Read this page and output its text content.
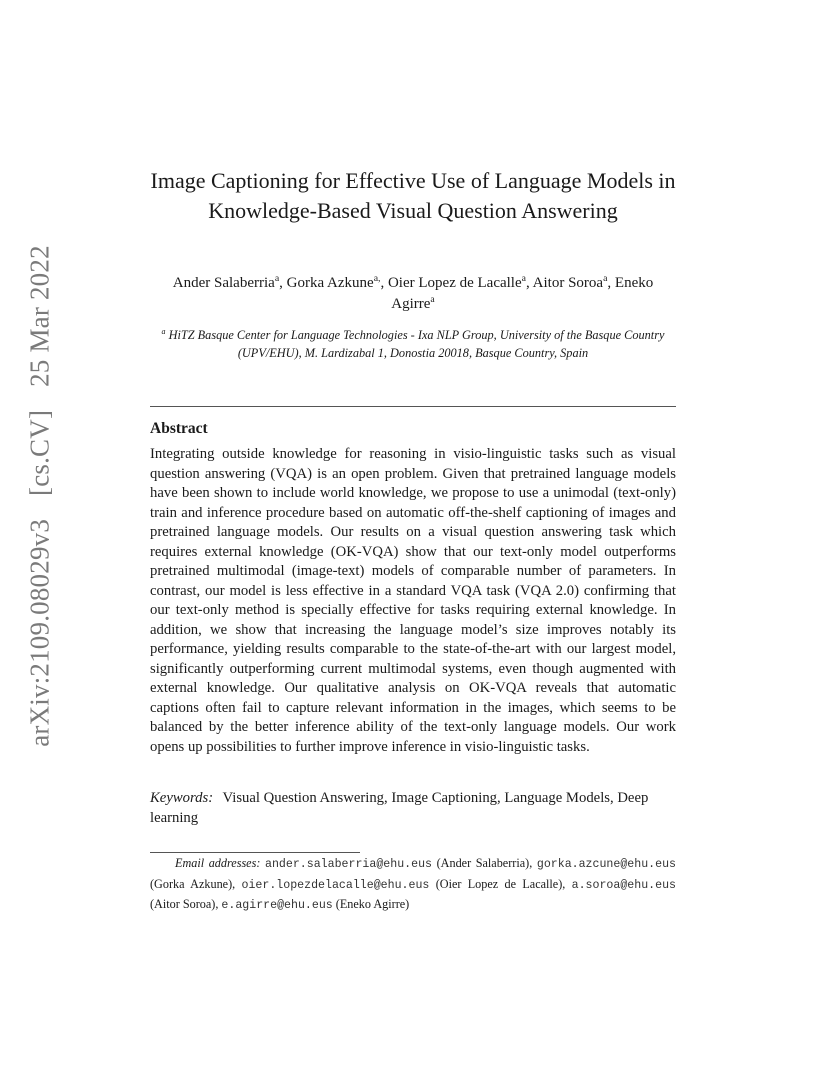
arXiv:2109.08029v3 [cs.CV] 25 Mar 2022
Image Captioning for Effective Use of Language Models in Knowledge-Based Visual Question Answering
Ander Salaberria$^a$, Gorka Azkune$^{a,}$, Oier Lopez de Lacalle$^a$, Aitor Soroa$^a$, Eneko Agirre$^a$
$^a$ HiTZ Basque Center for Language Technologies - Ixa NLP Group, University of the Basque Country (UPV/EHU), M. Lardizabal 1, Donostia 20018, Basque Country, Spain
Abstract
Integrating outside knowledge for reasoning in visio-linguistic tasks such as visual question answering (VQA) is an open problem. Given that pretrained language models have been shown to include world knowledge, we propose to use a unimodal (text-only) train and inference procedure based on automatic off-the-shelf captioning of images and pretrained language models. Our results on a visual question answering task which requires external knowledge (OK-VQA) show that our text-only model outperforms pretrained multimodal (image-text) models of comparable number of parameters. In contrast, our model is less effective in a standard VQA task (VQA 2.0) confirming that our text-only method is specially effective for tasks requiring external knowledge. In addition, we show that increasing the language model’s size improves notably its performance, yielding results comparable to the state-of-the-art with our largest model, significantly outperforming current multimodal systems, even though augmented with external knowledge. Our qualitative analysis on OK-VQA reveals that automatic captions often fail to capture relevant information in the images, which seems to be balanced by the better inference ability of the text-only language models. Our work opens up possibilities to further improve inference in visio-linguistic tasks.
Keywords: Visual Question Answering, Image Captioning, Language Models, Deep learning
Email addresses: ander.salaberria@ehu.eus (Ander Salaberria), gorka.azcune@ehu.eus (Gorka Azkune), oier.lopezdelacalle@ehu.eus (Oier Lopez de Lacalle), a.soroa@ehu.eus (Aitor Soroa), e.agirre@ehu.eus (Eneko Agirre)
